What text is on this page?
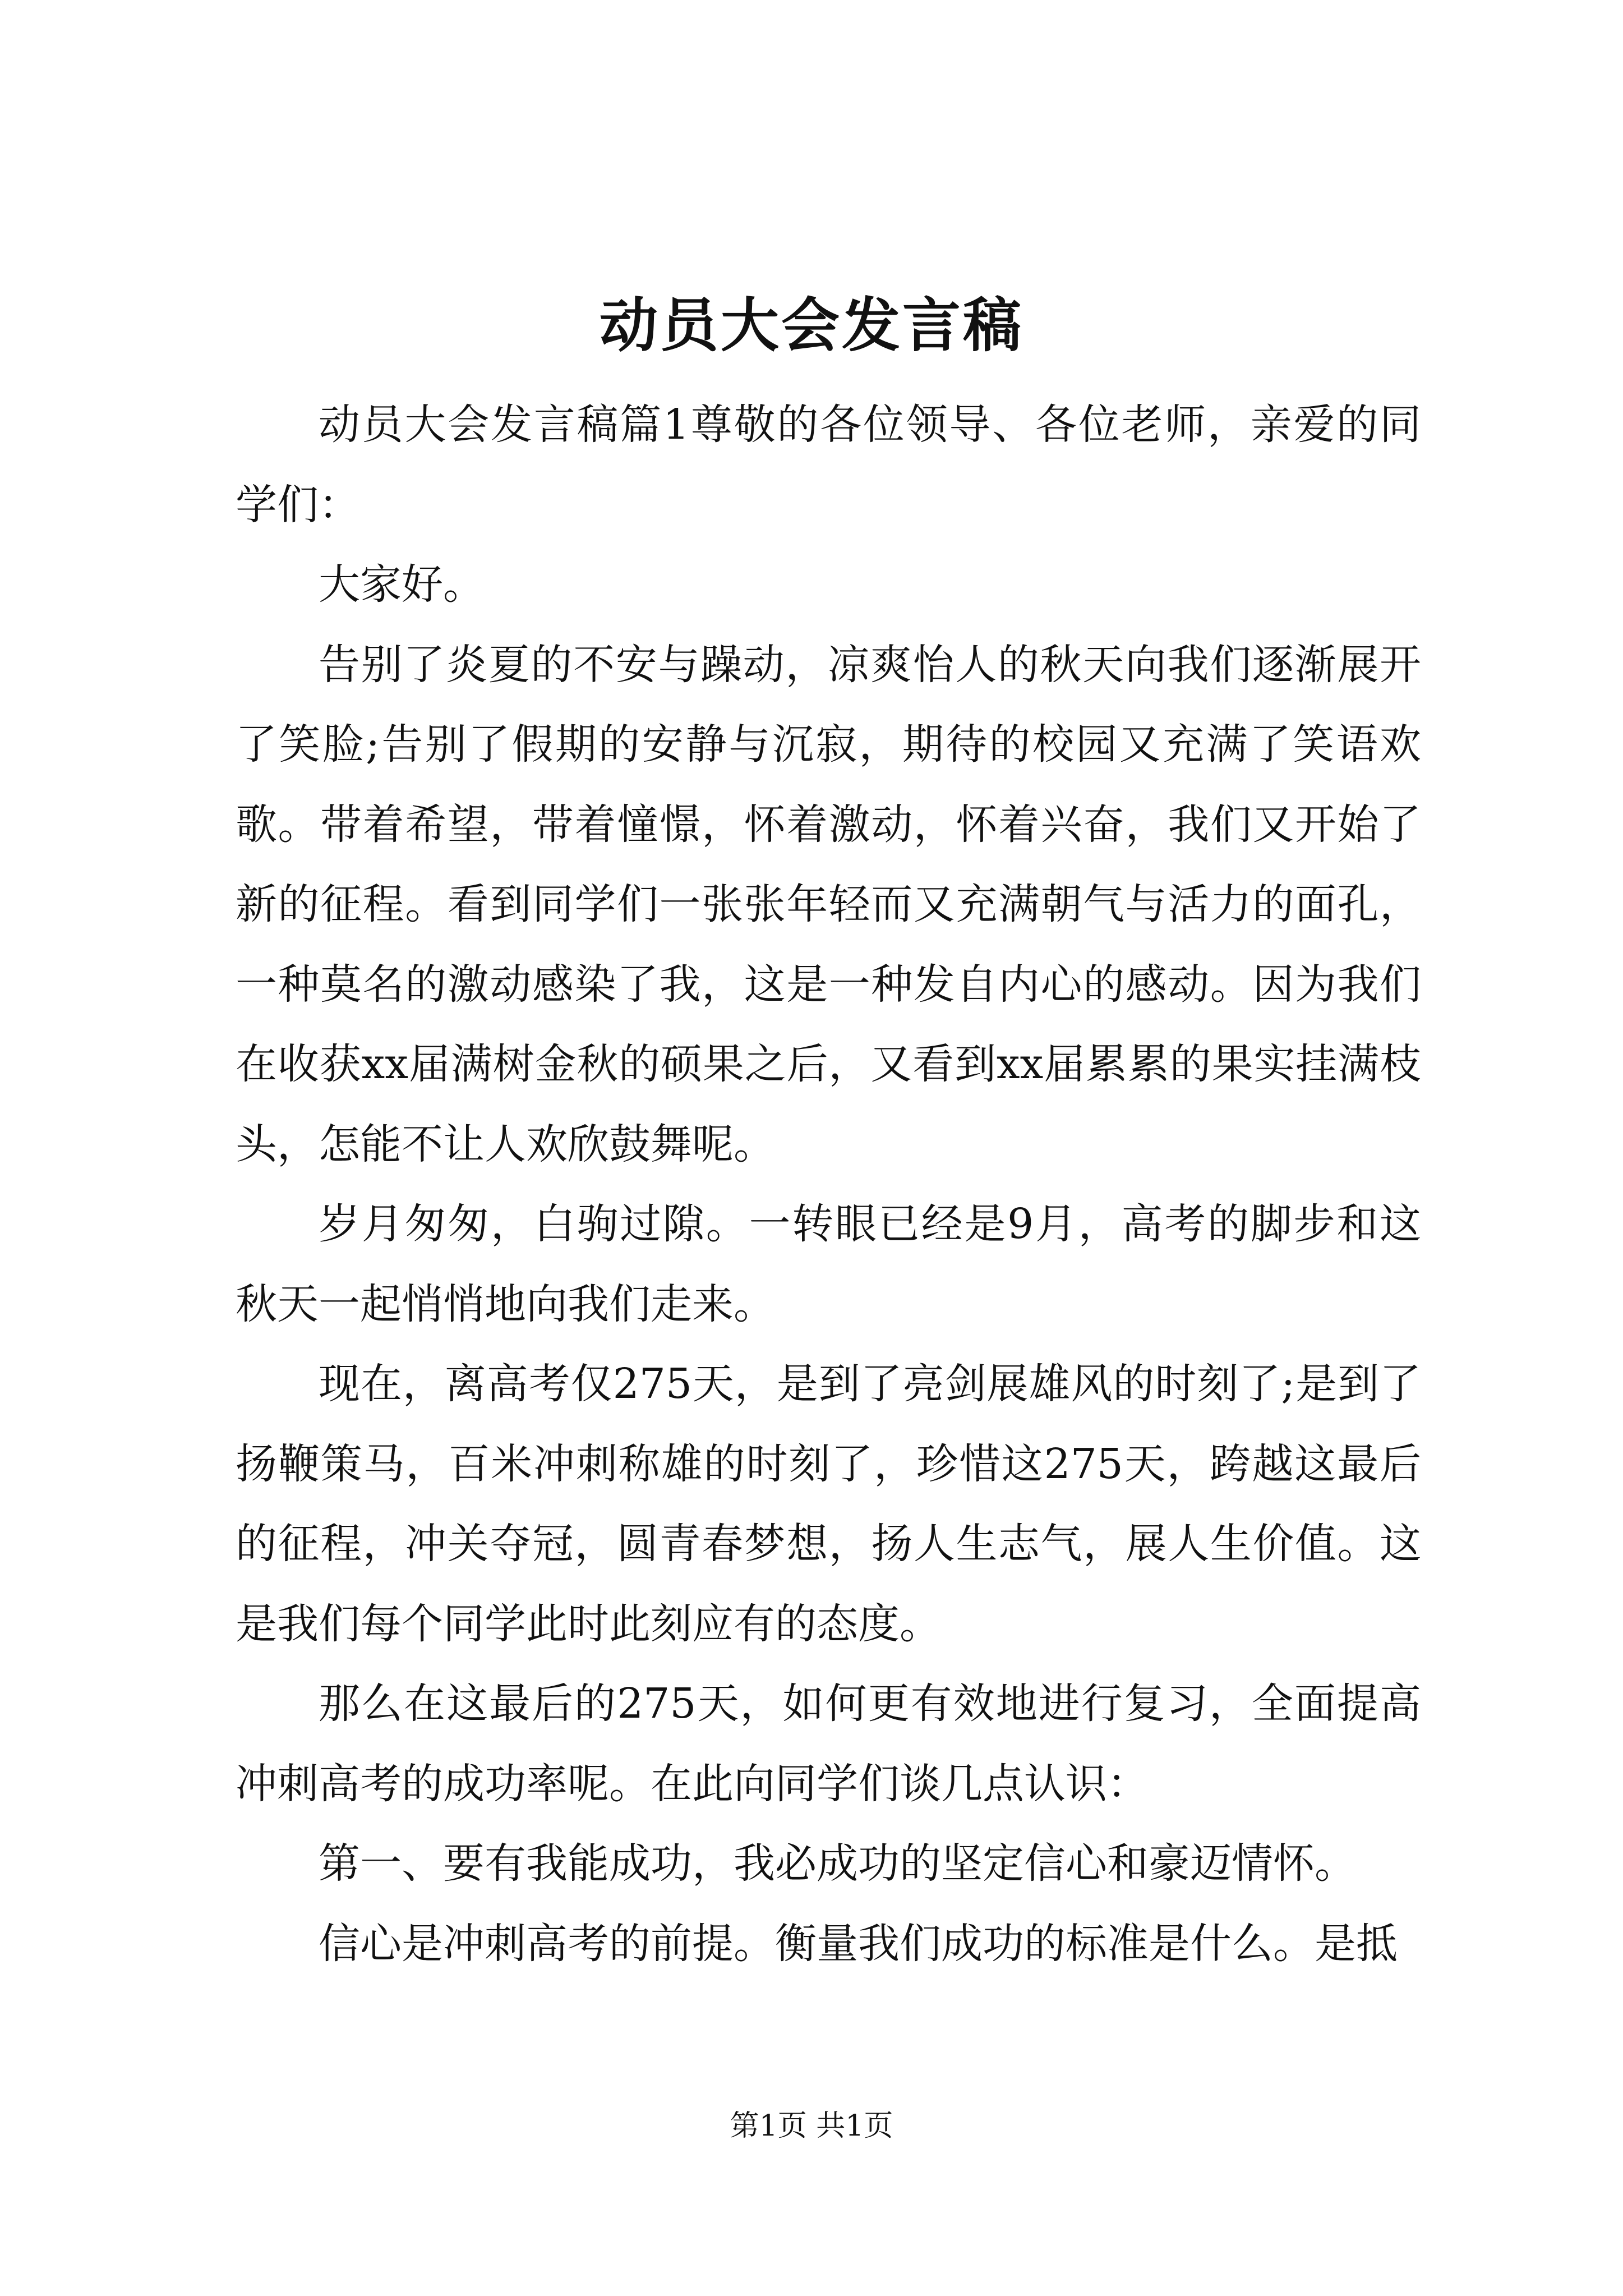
动员大会发言稿

动员大会发言稿篇1尊敬的各位领导、各位老师，亲爱的同学们：

大家好。

告别了炎夏的不安与躁动，凉爽怡人的秋天向我们逐渐展开了笑脸;告别了假期的安静与沉寂，期待的校园又充满了笑语欢歌。带着希望，带着憧憬，怀着激动，怀着兴奋，我们又开始了新的征程。看到同学们一张张年轻而又充满朝气与活力的面孔，一种莫名的激动感染了我，这是一种发自内心的感动。因为我们在收获xx届满树金秋的硕果之后，又看到xx届累累的果实挂满枝头，怎能不让人欢欣鼓舞呢。

岁月匆匆，白驹过隙。一转眼已经是9月，高考的脚步和这秋天一起悄悄地向我们走来。

现在，离高考仅275天，是到了亮剑展雄风的时刻了;是到了扬鞭策马，百米冲刺称雄的时刻了，珍惜这275天，跨越这最后的征程，冲关夺冠，圆青春梦想，扬人生志气，展人生价值。这是我们每个同学此时此刻应有的态度。

那么在这最后的275天，如何更有效地进行复习，全面提高冲刺高考的成功率呢。在此向同学们谈几点认识：

第一、要有我能成功，我必成功的坚定信心和豪迈情怀。

信心是冲刺高考的前提。衡量我们成功的标准是什么。是抵

第1页 共1页
